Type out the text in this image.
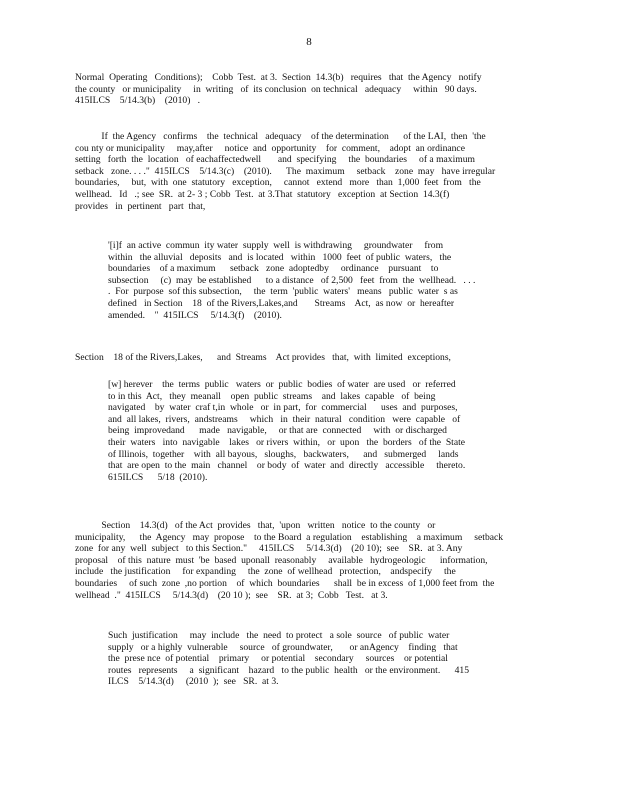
8
Normal  Operating   Conditions);    Cobb  Test.  at 3.  Section  14.3(b)   requires   that  the Agency   notify
the county   or municipality     in  writing   of  its conclusion  on technical   adequacy     within   90 days.
415ILCS    5/14.3(b)    (2010)   .
If  the Agency   confirms    the  technical   adequacy    of the determination      of the LAI,  then  'the
cou nty or municipality     may,after     notice  and  opportunity    for  comment,    adopt  an ordinance
setting   forth  the  location   of eachaffectedwell       and  specifying     the  boundaries     of a maximum
setback   zone. . . ."  415ILCS    5/14.3(c)    (2010).      The  maximum     setback    zone  may   have irregular
boundaries,     but,  with  one  statutory   exception,     cannot   extend   more   than  1,000  feet  from   the
wellhead.   Id   .; see  SR.  at 2- 3 ; Cobb  Test.  at 3.That  statutory   exception  at Section  14.3(f)
provides   in  pertinent   part  that,
'[i]f  an active  commun  ity water  supply  well  is withdrawing     groundwater     from
within   the alluvial   deposits   and  is located   within   1000  feet  of public  waters,   the
boundaries    of a maximum      setback   zone  adoptedby     ordinance    pursuant    to
subsection     (c)  may  be established      to a distance   of 2,500   feet  from  the  wellhead.   . . .
.  For  purpose  sof this subsection,     the  term  'public  waters'   means   public  water  s as
defined   in Section    18  of the Rivers,Lakes,and       Streams    Act,  as now  or  hereafter
amended.    "  415ILCS     5/14.3(f)    (2010).
Section    18 of the Rivers,Lakes,      and  Streams    Act provides   that,  with  limited  exceptions,
[w] herever    the  terms  public   waters  or  public  bodies  of water  are used   or  referred
to in this  Act,   they  meanall    open  public  streams    and  lakes  capable   of  being
navigated    by  water  craf t,in  whole   or  in part,  for  commercial      uses  and  purposes,
and  all lakes,  rivers,  andstreams     which   in  their  natural   condition   were  capable   of
being  improvedand      made   navigable,     or that are  connected     with  or discharged
their  waters   into  navigable    lakes   or rivers  within,   or  upon   the  borders   of the  State
of Illinois,  together    with  all bayous,   sloughs,   backwaters,      and   submerged     lands
that  are open  to the  main   channel    or body  of  water  and  directly   accessible     thereto.
615ILCS      5/18  (2010).
Section    14.3(d)   of the Act  provides   that,  'upon   written   notice  to the county   or
municipality,      the  Agency   may  propose    to the Board  a regulation    establishing    a maximum     setback
zone  for any  well  subject   to this Section."     415ILCS     5/14.3(d)    (20 10);  see    SR.  at 3. Any
proposal    of this  nature  must  'be  based  uponall  reasonably     available   hydrogeologic      information,
include   the justification     for expanding     the  zone  of wellhead   protection,    andspecify     the
boundaries     of such  zone  ,no portion    of  which  boundaries      shall  be in excess  of 1,000 feet from  the
wellhead  ."  415ILCS     5/14.3(d)    (20 10 );  see    SR.  at 3;  Cobb   Test.   at 3.
Such  justification     may  include   the  need  to protect   a sole  source   of public  water
supply   or a highly  vulnerable     source   of groundwater,       or anAgency    finding   that
the  prese nce  of potential    primary     or potential    secondary     sources    or potential
routes   represents     a  significant    hazard   to the public  health   or the environment.      415
ILCS    5/14.3(d)     (2010  );  see   SR.  at 3.
